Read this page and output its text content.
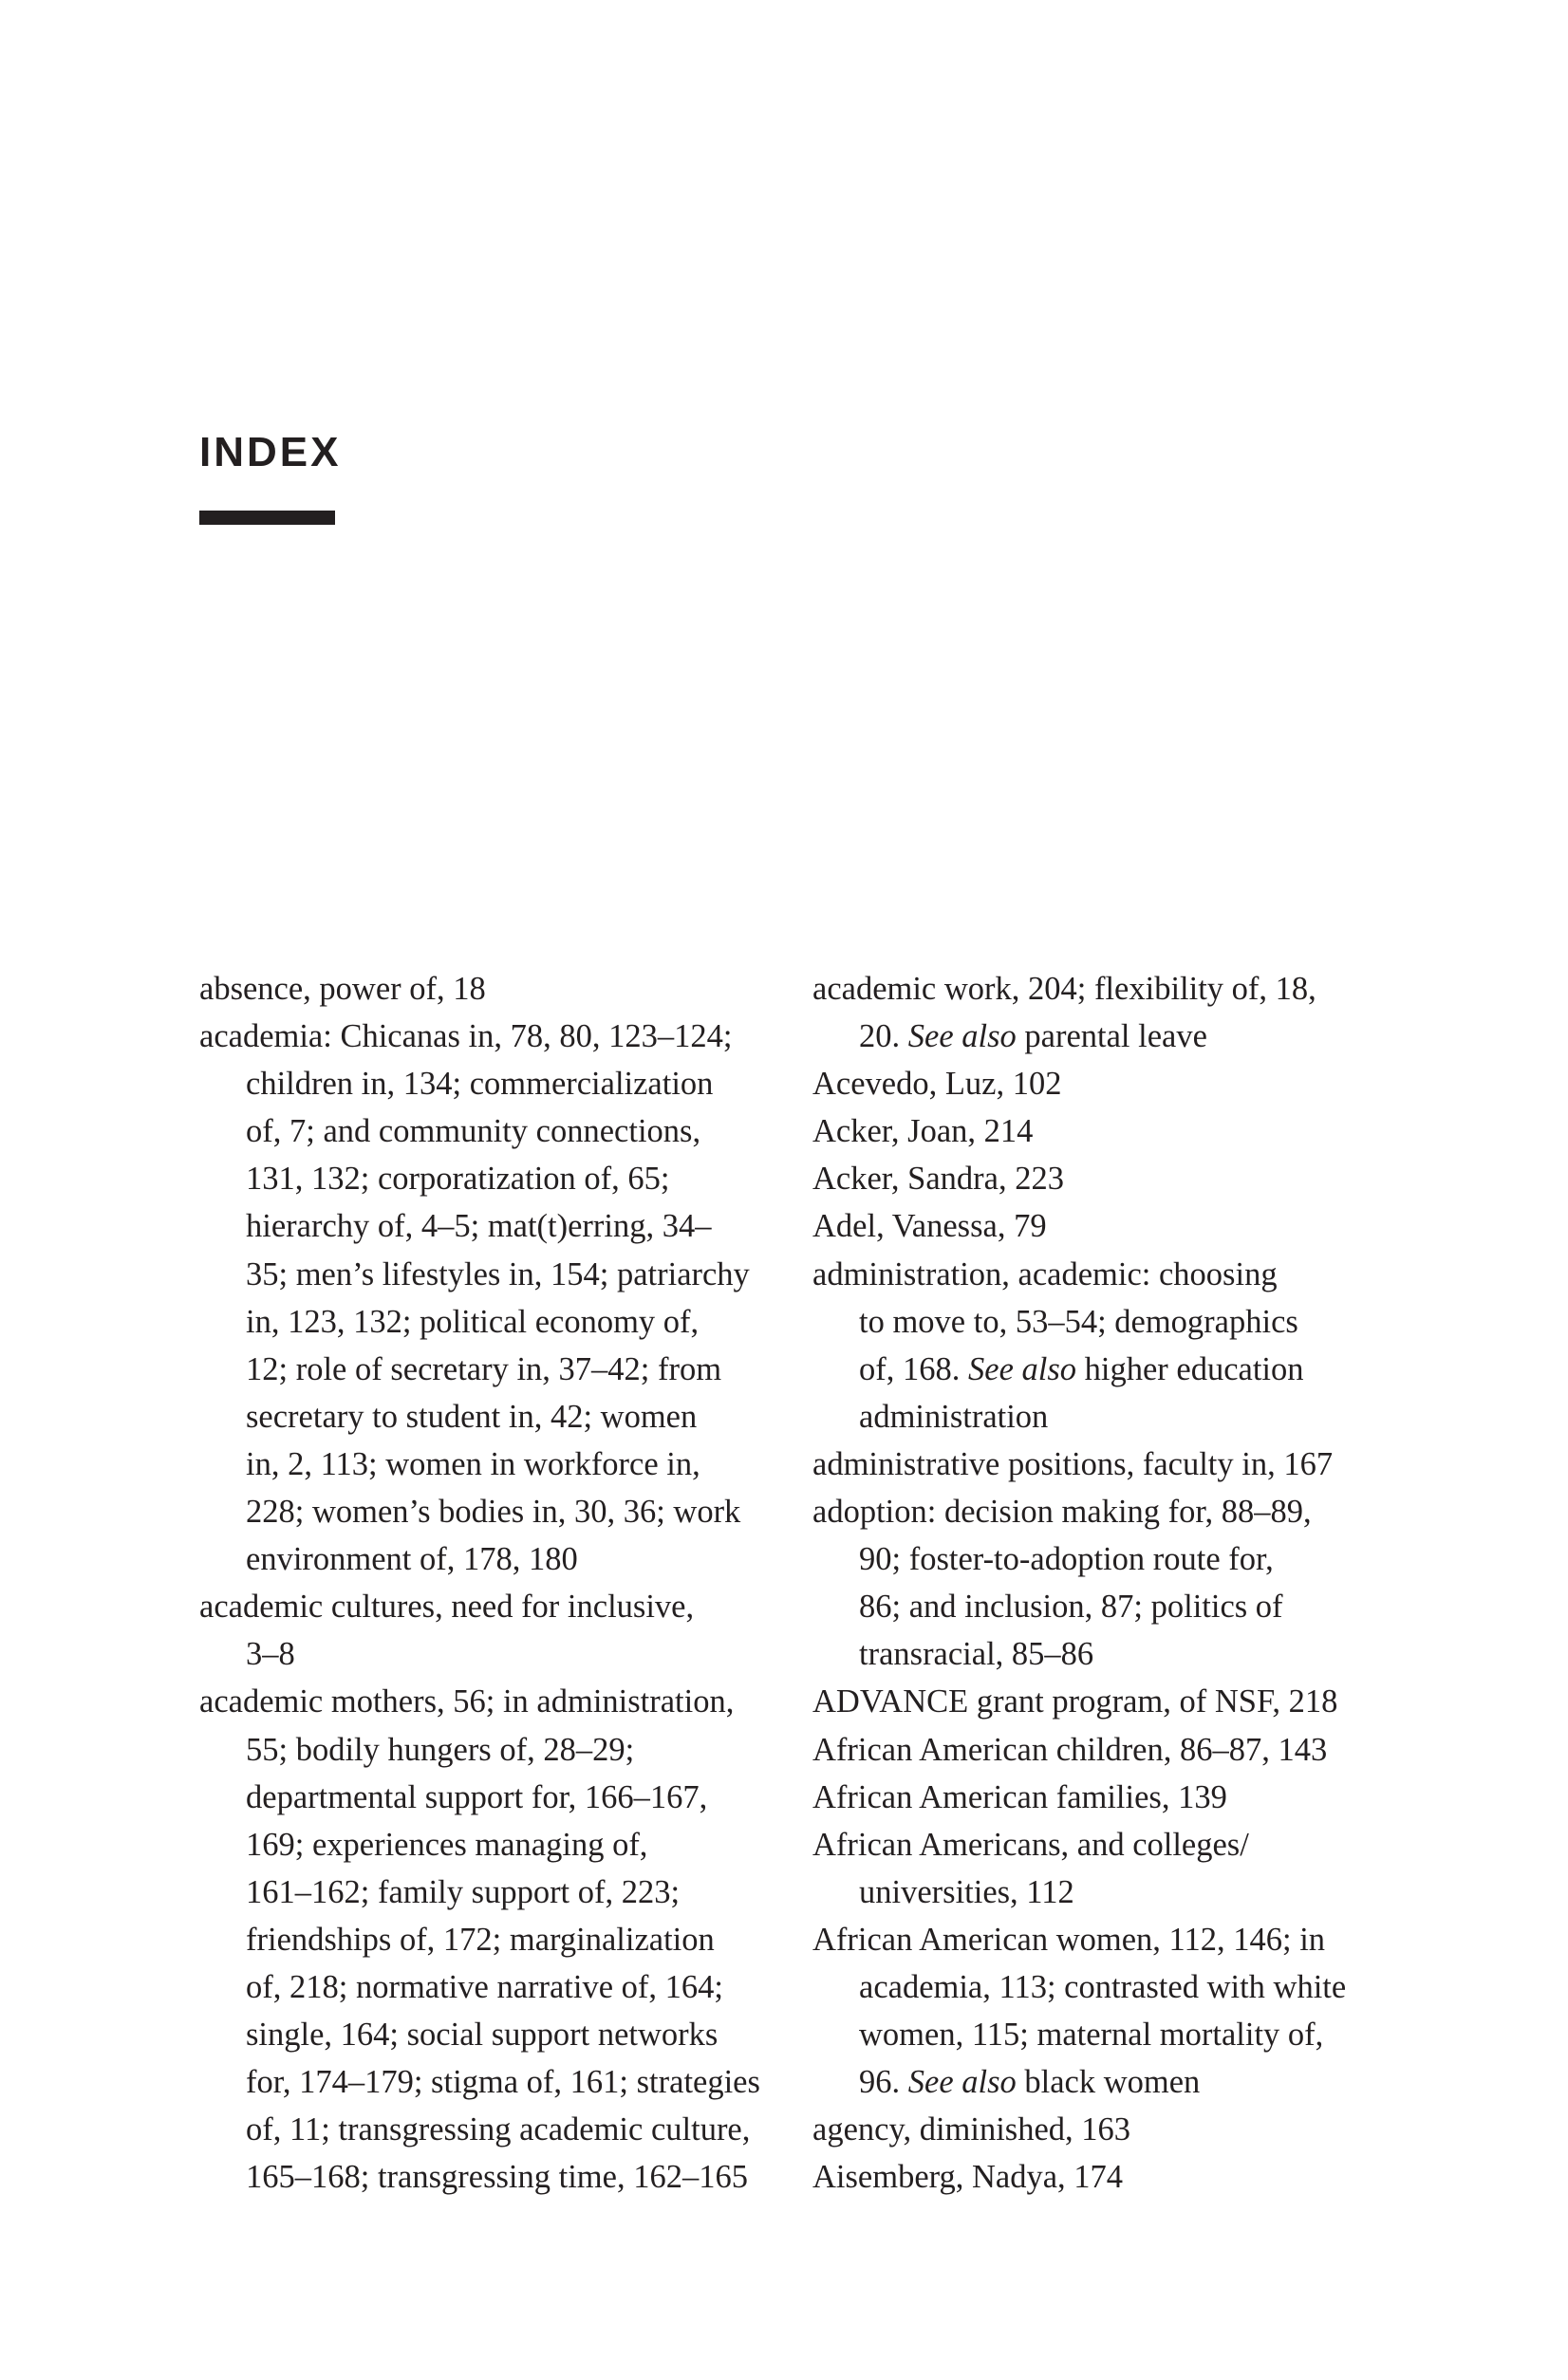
INDEX

absence, power of, 18

academia: Chicanas in, 78, 80, 123–124;children in, 134; commercializationof, 7; and community connections,131, 132; corporatization of, 65;hierarchy of, 4–5; mat(t)erring, 34–35; men’s lifestyles in, 154; patriarchyin, 123, 132; political economy of,12; role of secretary in, 37–42; fromsecretary to student in, 42; womenin, 2, 113; women in workforce in,228; women’s bodies in, 30, 36; workenvironment of, 178, 180

academic cultures, need for inclusive,3–8

academic mothers, 56; in administration,55; bodily hungers of, 28–29;departmental support for, 166–167,169; experiences managing of,161–162; family support of, 223;friendships of, 172; marginalizationof, 218; normative narrative of, 164;single, 164; social support networksfor, 174–179; stigma of, 161; strategiesof, 11; transgressing academic culture,165–168; transgressing time, 162–165

academic work, 204; flexibility of, 18,20. See also parental leave

Acevedo, Luz, 102

Acker, Joan, 214

Acker, Sandra, 223

Adel, Vanessa, 79

administration, academic: choosingto move to, 53–54; demographicsof, 168. See also higher educationadministration

administrative positions, faculty in, 167

adoption: decision making for, 88–89,90; foster-to-adoption route for,86; and inclusion, 87; politics oftransracial, 85–86

ADVANCE grant program, of NSF, 218

African American children, 86–87, 143

African American families, 139

African Americans, and colleges/universities, 112

African American women, 112, 146; inacademia, 113; contrasted with whitewomen, 115; maternal mortality of,96. See also black women

agency, diminished, 163

Aisemberg, Nadya, 174
